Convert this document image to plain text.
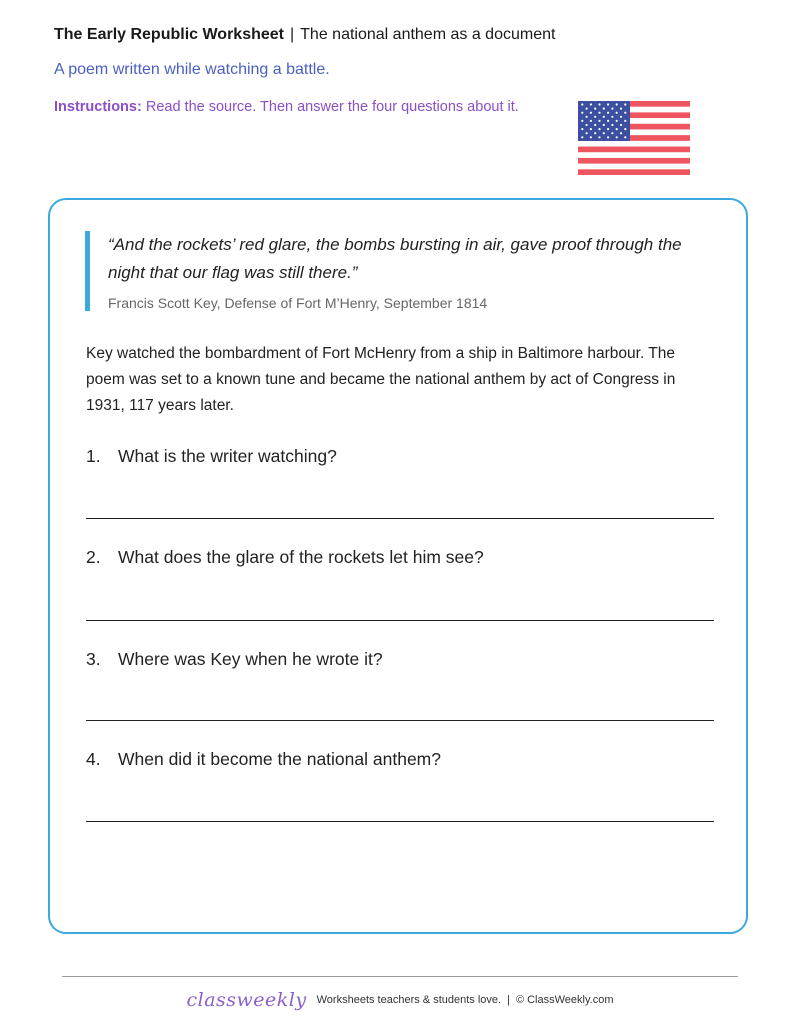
The Early Republic Worksheet | The national anthem as a document
A poem written while watching a battle.
Instructions: Read the source. Then answer the four questions about it.

“And the rockets’ red glare, the bombs bursting in air, gave proof through the night that our flag was still there.”

Francis Scott Key, Defense of Fort M’Henry, September 1814

Key watched the bombardment of Fort McHenry from a ship in Baltimore harbour. The poem was set to a known tune and became the national anthem by act of Congress in 1931, 117 years later.

1. What is the writer watching?
2. What does the glare of the rockets let him see?
3. Where was Key when he wrote it?
4. When did it become the national anthem?
classweekly Worksheets teachers & students love. | © ClassWeekly.com
